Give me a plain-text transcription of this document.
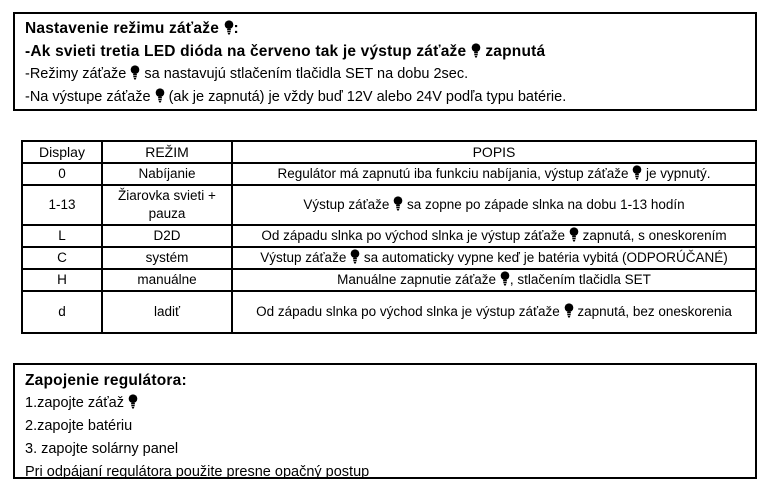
Nastavenie režimu záťaže :
-Ak svieti tretia LED dióda na červeno tak je výstup záťaže  zapnutá
-Režimy záťaže  sa nastavujú stlačením tlačidla SET na dobu 2sec.
-Na výstupe záťaže  (ak je zapnutá) je vždy buď 12V alebo 24V podľa typu batérie.
Display	REŽIM	POPIS
0	Nabíjanie	Regulátor má zapnutú iba funkciu nabíjania, výstup záťaže  je vypnutý.
1-13	Žiarovka svieti + pauza	Výstup záťaže  sa zopne po západe slnka na dobu 1-13 hodín
L	D2D	Od západu slnka po východ slnka je výstup záťaže  zapnutá, s oneskorením
C	systém	Výstup záťaže  sa automaticky vypne keď je batéria vybitá (ODPORÚČANÉ)
H	manuálne	Manuálne zapnutie záťaže , stlačením tlačidla SET
d	ladiť	Od západu slnka po východ slnka je výstup záťaže  zapnutá, bez oneskorenia
Zapojenie regulátora:
1.zapojte záťaž
2.zapojte batériu
3. zapojte solárny panel
Pri odpájaní regulátora použite presne opačný postup
